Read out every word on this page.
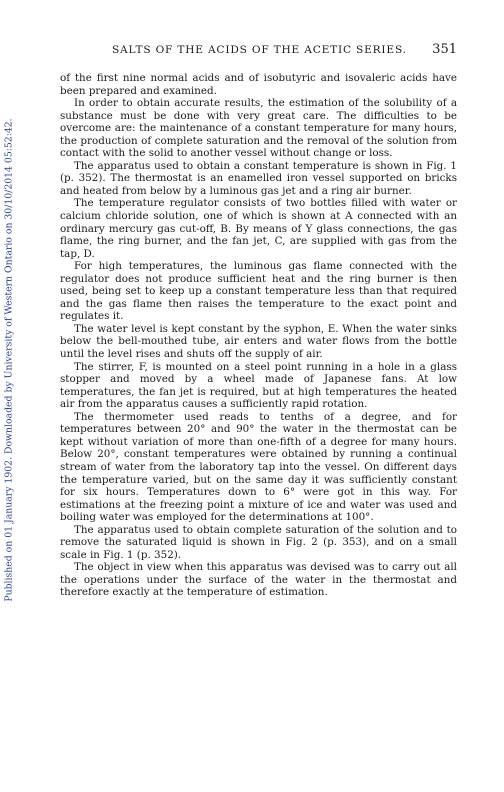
Published on 01 January 1902. Downloaded by University of Western Ontario on 30/10/2014 05:52:42.
SALTS OF THE ACIDS OF THE ACETIC SERIES. 351

of the first nine normal acids and of isobutyric and isovaleric acids have been prepared and examined.

In order to obtain accurate results, the estimation of the solubility of a substance must be done with very great care. The difficulties to be overcome are: the maintenance of a constant temperature for many hours, the production of complete saturation and the removal of the solution from contact with the solid to another vessel without change or loss.

The apparatus used to obtain a constant temperature is shown in Fig. 1 (p. 352). The thermostat is an enamelled iron vessel supported on bricks and heated from below by a luminous gas jet and a ring air burner.

The temperature regulator consists of two bottles filled with water or calcium chloride solution, one of which is shown at A connected with an ordinary mercury gas cut-off, B. By means of Y glass connections, the gas flame, the ring burner, and the fan jet, C, are supplied with gas from the tap, D.

For high temperatures, the luminous gas flame connected with the regulator does not produce sufficient heat and the ring burner is then used, being set to keep up a constant temperature less than that required and the gas flame then raises the temperature to the exact point and regulates it.

The water level is kept constant by the syphon, E. When the water sinks below the bell-mouthed tube, air enters and water flows from the bottle until the level rises and shuts off the supply of air.

The stirrer, F, is mounted on a steel point running in a hole in a glass stopper and moved by a wheel made of Japanese fans. At low temperatures, the fan jet is required, but at high temperatures the heated air from the apparatus causes a sufficiently rapid rotation.

The thermometer used reads to tenths of a degree, and for temperatures between 20° and 90° the water in the thermostat can be kept without variation of more than one-fifth of a degree for many hours. Below 20°, constant temperatures were obtained by running a continual stream of water from the laboratory tap into the vessel. On different days the temperature varied, but on the same day it was sufficiently constant for six hours. Temperatures down to 6° were got in this way. For estimations at the freezing point a mixture of ice and water was used and boiling water was employed for the determinations at 100°.

The apparatus used to obtain complete saturation of the solution and to remove the saturated liquid is shown in Fig. 2 (p. 353), and on a small scale in Fig. 1 (p. 352).

The object in view when this apparatus was devised was to carry out all the operations under the surface of the water in the thermostat and therefore exactly at the temperature of estimation.
